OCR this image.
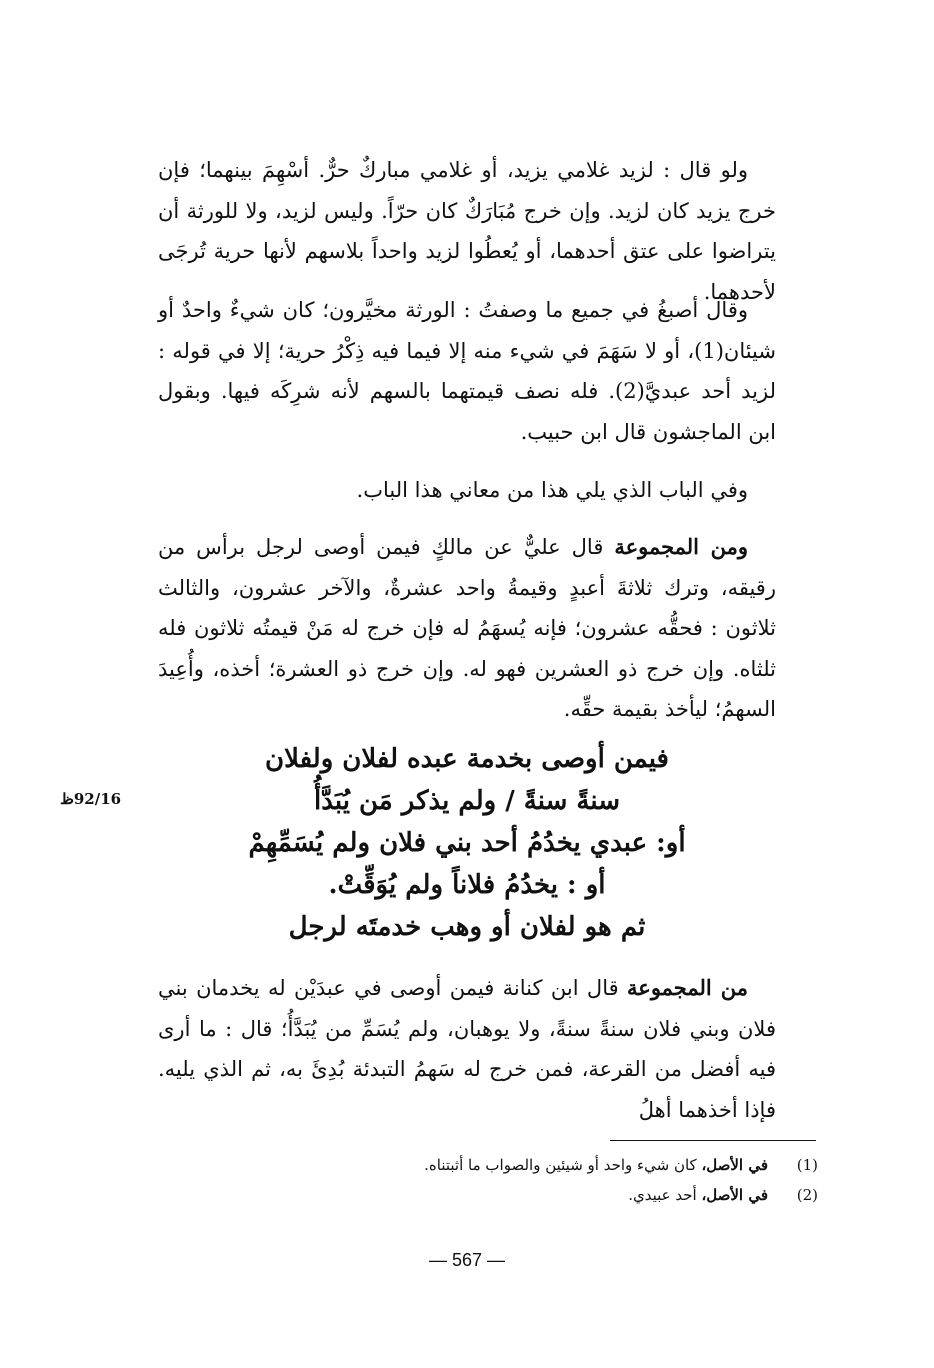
ولو قال : لزيد غلامي يزيد، أو غلامي مباركٌ حرٌّ. أسْهِمَ بينهما؛ فإن خرج يزيد كان لزيد. وإن خرج مُبَارَكٌ كان حرّاً. وليس لزيد، ولا للورثة أن يتراضوا على عتق أحدهما، أو يُعطُوا لزيد واحداً بلاسهم لأنها حرية تُرجَى لأحدهما.
وقال أصبغُ في جميع ما وصفتُ : الورثة مخيَّرون؛ كان شيءٌ واحدٌ أو شيئان(1)، أو لا سَهَمَ في شيء منه إلا فيما فيه ذِكْرُ حرية؛ إلا في قوله : لزيد أحد عبديَّ(2). فله نصف قيمتهما بالسهم لأنه شرِكَه فيها. وبقول ابن الماجشون قال ابن حبيب.
وفي الباب الذي يلي هذا من معاني هذا الباب.
ومن المجموعة قال عليٌّ عن مالكٍ فيمن أوصى لرجل برأس من رقيقه، وترك ثلاثةَ أعبدٍ وقيمةُ واحد عشرةٌ، والآخر عشرون، والثالث ثلاثون : فحقُّه عشرون؛ فإنه يُسهَمُ له فإن خرج له مَنْ قيمتُه ثلاثون فله ثلثاه. وإن خرج ذو العشرين فهو له. وإن خرج ذو العشرة؛ أخذه، وأُعِيدَ السهمُ؛ ليأخذ بقيمة حقِّه.
فيمن أوصى بخدمة عبده لفلان ولفلان
سنةً سنةً / ولم يذكر مَن يُبَدَّأُ
أو: عبدي يخدُمُ أحد بني فلان ولم يُسَمِّهِمْ
أو : يخدُمُ فلاناً ولم يُوَقِّتْ.
ثم هو لفلان أو وهب خدمتَه لرجل
92/16ظ
من المجموعة قال ابن كنانة فيمن أوصى في عبدَيْن له يخدمان بني فلان وبني فلان سنةً سنةً، ولا يوهبان، ولم يُسَمِّ من يُبَدَّأُ؛ قال : ما أرى فيه أفضل من القرعة، فمن خرج له سَهمُ التبدئة بُدِئَ به، ثم الذي يليه. فإذا أخذهما أهلُ
(1)
في الأصل، كان شيء واحد أو شيئين والصواب ما أثبتناه.
(2)
في الأصل، أحد عبيدي.
— 567 —
